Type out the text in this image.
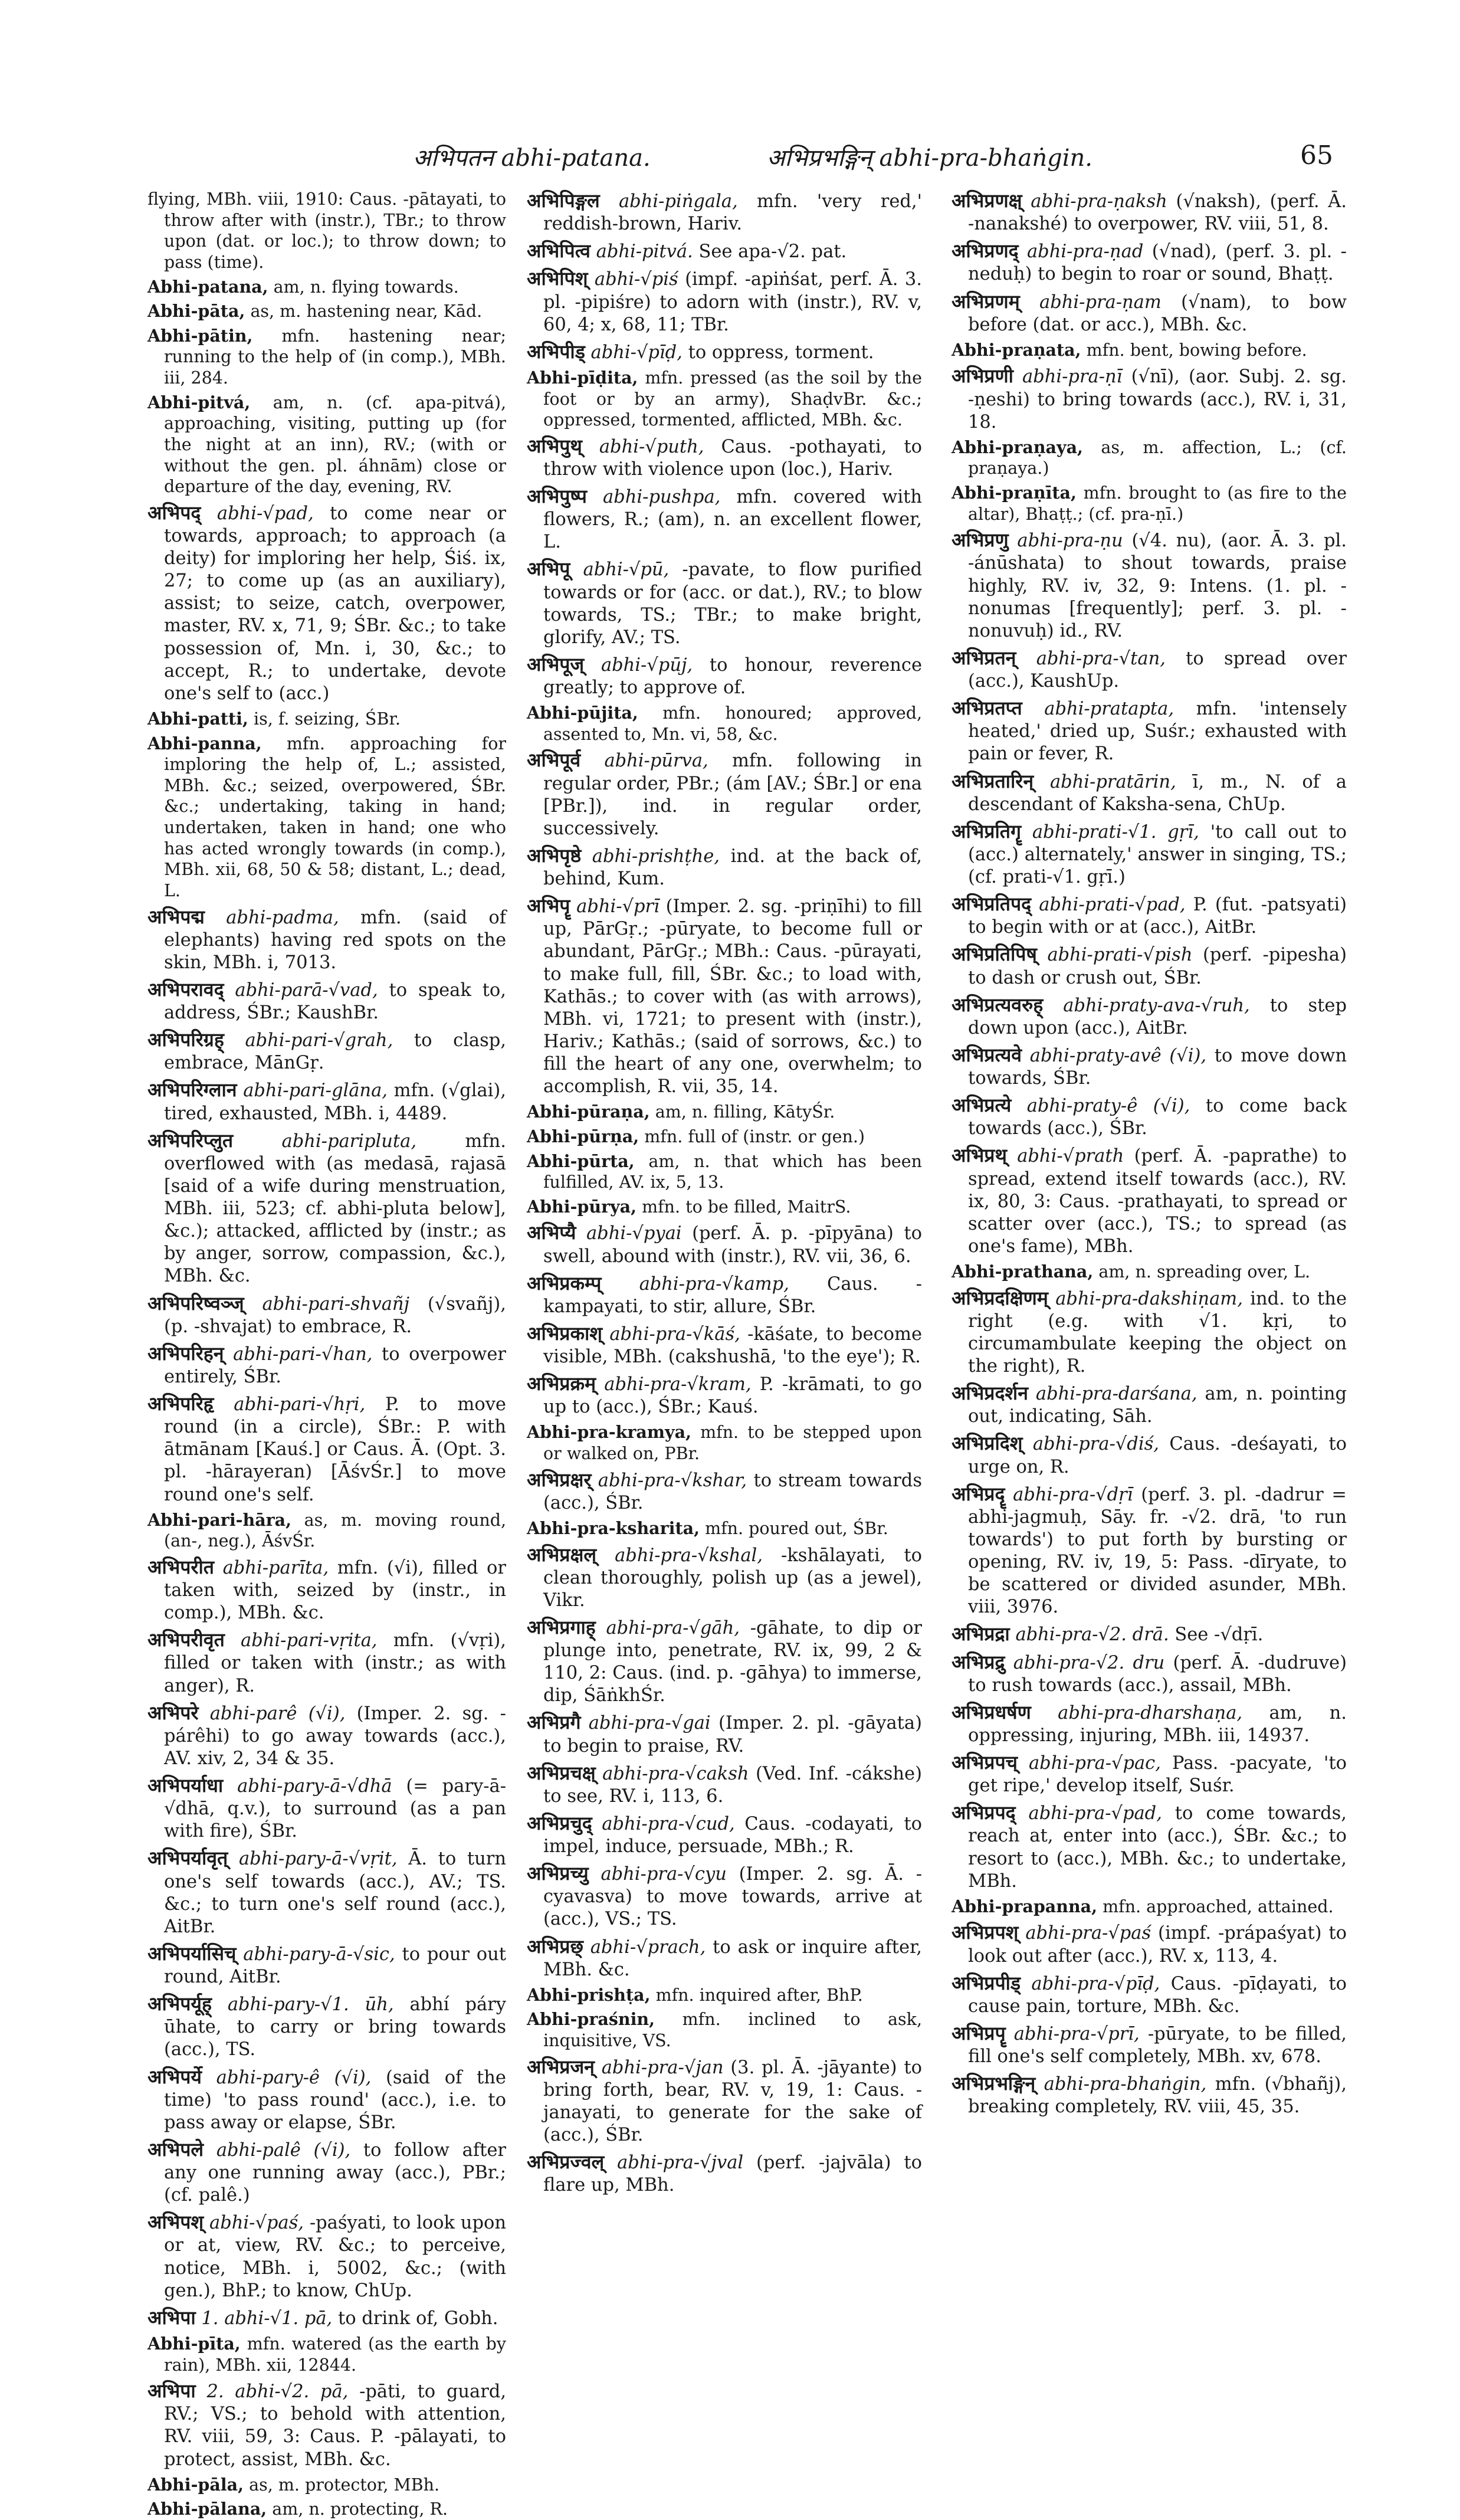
अभिपतन abhi-patana.	अभिप्रभङ्गिन् abhi-pra-bhaṅgin.	65

flying, MBh. viii, 1910: Caus. -pātayati, to throw after with (instr.), TBr.; to throw upon (dat. or loc.); to throw down; to pass (time).

Abhi-patana, am, n. flying towards.

Abhi-pāta, as, m. hastening near, Kād.

Abhi-pātin, mfn. hastening near; running to the help of (in comp.), MBh. iii, 284.

Abhi-pitvá, am, n. (cf. apa-pitvá), approaching, visiting, putting up (for the night at an inn), RV.; (with or without the gen. pl. áhnām) close or departure of the day, evening, RV.

अभिपद् abhi-√pad, to come near or towards, approach; to approach (a deity) for imploring her help, Śiś. ix, 27; to come up (as an auxiliary), assist; to seize, catch, overpower, master, RV. x, 71, 9; ŚBr. &c.; to take possession of, Mn. i, 30, &c.; to accept, R.; to undertake, devote one's self to (acc.)

Abhi-patti, is, f. seizing, ŚBr.

Abhi-panna, mfn. approaching for imploring the help of, L.; assisted, MBh. &c.; seized, overpowered, ŚBr. &c.; undertaking, taking in hand; undertaken, taken in hand; one who has acted wrongly towards (in comp.), MBh. xii, 68, 50 & 58; distant, L.; dead, L.

अभिपद्म abhi-padma, mfn. (said of elephants) having red spots on the skin, MBh. i, 7013.

अभिपरावद् abhi-parā-√vad, to speak to, address, ŚBr.; KaushBr.

अभिपरिग्रह् abhi-pari-√grah, to clasp, embrace, MānGṛ.

अभिपरिग्लान abhi-pari-glāna, mfn. (√glai), tired, exhausted, MBh. i, 4489.

अभिपरिप्लुत	abhi-paripluta,	mfn. overflowed with (as medasā, rajasā [said of a wife during menstruation, MBh. iii, 523; cf. abhi-pluta below], &c.); attacked, afflicted by (instr.; as by anger, sorrow, compassion, &c.), MBh. &c.

अभिपरिष्वञ्ज् abhi-pari-shvañj (√svañj), (p. -shvajat) to embrace, R.

अभिपरिहन् abhi-pari-√han, to overpower entirely, ŚBr.

अभिपरिहृ abhi-pari-√hṛi, P. to move round (in a circle), ŚBr.: P. with ātmānam [Kauś.] or Caus. Ā. (Opt. 3. pl. -hārayeran) [ĀśvŚr.] to move round one's self.

Abhi-pari-hāra, as, m. moving round, (an-, neg.), ĀśvŚr.

अभिपरीत abhi-parīta, mfn. (√i), filled or taken with, seized by (instr., in comp.), MBh. &c.

अभिपरीवृत abhi-pari-vṛita, mfn. (√vṛi), filled or taken with (instr.; as with anger), R.

अभिपरे abhi-parê (√i), (Imper. 2. sg. -párêhi) to go away towards (acc.), AV. xiv, 2, 34 & 35.

अभिपर्याधा abhi-pary-ā-√dhā (= pary-ā-√dhā, q.v.), to surround (as a pan with fire), ŚBr.

अभिपर्यावृत् abhi-pary-ā-√vṛit, Ā. to turn one's self towards (acc.), AV.; TS. &c.; to turn one's self round (acc.), AitBr.

अभिपर्यासिच् abhi-pary-ā-√sic, to pour out round, AitBr.

अभिपर्यूह् abhi-pary-√1. ūh, abhí páry ūhate, to carry or bring towards (acc.), TS.

अभिपर्ये abhi-pary-ê (√i), (said of the time) 'to pass round' (acc.), i.e. to pass away or elapse, ŚBr.

अभिपले abhi-palê (√i), to follow after any one running away (acc.), PBr.; (cf. palê.)

अभिपश् abhi-√paś, -paśyati, to look upon or at, view, RV. &c.; to perceive, notice, MBh. i, 5002, &c.; (with gen.), BhP.; to know, ChUp.

अभिपा 1. abhi-√1. pā, to drink of, Gobh.

Abhi-pīta, mfn. watered (as the earth by rain), MBh. xii, 12844.

अभिपा 2. abhi-√2. pā, -pāti, to guard, RV.; VS.; to behold with attention, RV. viii, 59, 3: Caus. P. -pālayati, to protect, assist, MBh. &c.

Abhi-pāla, as, m. protector, MBh.

Abhi-pālana, am, n. protecting, R.

अभिपिङ्गल abhi-piṅgala, mfn. 'very red,' reddish-brown, Hariv.

अभिपित्व abhi-pitvá. See apa-√2. pat.

अभिपिश् abhi-√piś (impf. -apiṅśat, perf. Ā. 3. pl. -pipiśre) to adorn with (instr.), RV. v, 60, 4; x, 68, 11; TBr.

अभिपीड् abhi-√pīḍ, to oppress, torment.

Abhi-pīḍita, mfn. pressed (as the soil by the foot or by an army), ShaḍvBr. &c.; oppressed, tormented, afflicted, MBh. &c.

अभिपुथ् abhi-√puth, Caus. -pothayati, to throw with violence upon (loc.), Hariv.

अभिपुष्प abhi-pushpa, mfn. covered with flowers, R.; (am), n. an excellent flower, L.

अभिपू abhi-√pū, -pavate, to flow purified towards or for (acc. or dat.), RV.; to blow towards, TS.; TBr.; to make bright, glorify, AV.; TS.

अभिपूज् abhi-√pūj, to honour, reverence greatly; to approve of.

Abhi-pūjita, mfn. honoured; approved, assented to, Mn. vi, 58, &c.

अभिपूर्व abhi-pūrva, mfn. following in regular order, PBr.; (ám [AV.; ŚBr.] or ena [PBr.]), ind. in regular order, successively.

अभिपृष्ठे abhi-prishṭhe, ind. at the back of, behind, Kum.

अभिपॄ abhi-√prī (Imper. 2. sg. -priṇīhi) to fill up, PārGṛ.; -pūryate, to become full or abundant, PārGṛ.; MBh.: Caus. -pūrayati, to make full, fill, ŚBr. &c.; to load with, Kathās.; to cover with (as with arrows), MBh. vi, 1721; to present with (instr.), Hariv.; Kathās.; (said of sorrows, &c.) to fill the heart of any one, overwhelm; to accomplish, R. vii, 35, 14.

Abhi-pūraṇa, am, n. filling, KātyŚr.

Abhi-pūrṇa, mfn. full of (instr. or gen.)

Abhi-pūrta, am, n. that which has been fulfilled, AV. ix, 5, 13.

Abhi-pūrya, mfn. to be filled, MaitrS.

अभिप्यै abhi-√pyai (perf. Ā. p. -pīpyāna) to swell, abound with (instr.), RV. vii, 36, 6.

अभिप्रकम्प् abhi-pra-√kamp, Caus. -kampayati, to stir, allure, ŚBr.

अभिप्रकाश् abhi-pra-√kāś, -kāśate, to become visible, MBh. (cakshushā, 'to the eye'); R.

अभिप्रक्रम् abhi-pra-√kram, P. -krāmati, to go up to (acc.), ŚBr.; Kauś.

Abhi-pra-kramya, mfn. to be stepped upon or walked on, PBr.

अभिप्रक्षर् abhi-pra-√kshar, to stream towards (acc.), ŚBr.

Abhi-pra-ksharita, mfn. poured out, ŚBr.

अभिप्रक्षल् abhi-pra-√kshal, -kshālayati, to clean thoroughly, polish up (as a jewel), Vikr.

अभिप्रगाह् abhi-pra-√gāh, -gāhate, to dip or plunge into, penetrate, RV. ix, 99, 2 & 110, 2: Caus. (ind. p. -gāhya) to immerse, dip, ŚāṅkhŚr.

अभिप्रगै abhi-pra-√gai (Imper. 2. pl. -gāyata) to begin to praise, RV.

अभिप्रचक्ष् abhi-pra-√caksh (Ved. Inf. -cákshe) to see, RV. i, 113, 6.

अभिप्रचुद् abhi-pra-√cud, Caus. -codayati, to impel, induce, persuade, MBh.; R.

अभिप्रच्यु abhi-pra-√cyu (Imper. 2. sg. Ā. -cyavasva) to move towards, arrive at (acc.), VS.; TS.

अभिप्रछ् abhi-√prach, to ask or inquire after, MBh. &c.

Abhi-prishṭa, mfn. inquired after, BhP.

Abhi-praśnin, mfn. inclined to ask, inquisitive, VS.

अभिप्रजन् abhi-pra-√jan (3. pl. Ā. -jāyante) to bring forth, bear, RV. v, 19, 1: Caus. -janayati, to generate for the sake of (acc.), ŚBr.

अभिप्रज्वल् abhi-pra-√jval (perf. -jajvāla) to flare up, MBh.

अभिप्रणक्ष् abhi-pra-ṇaksh (√naksh), (perf. Ā. -nanakshé) to overpower, RV. viii, 51, 8.

अभिप्रणद् abhi-pra-ṇad (√nad), (perf. 3. pl. -neduḥ) to begin to roar or sound, Bhaṭṭ.

अभिप्रणम् abhi-pra-ṇam (√nam), to bow before (dat. or acc.), MBh. &c.

Abhi-praṇata, mfn. bent, bowing before.

अभिप्रणी abhi-pra-ṇī (√nī), (aor. Subj. 2. sg. -ṇeshi) to bring towards (acc.), RV. i, 31, 18.

Abhi-praṇaya, as, m. affection, L.; (cf. praṇaya.)

Abhi-praṇīta, mfn. brought to (as fire to the altar), Bhaṭṭ.; (cf. pra-ṇī.)

अभिप्रणु abhi-pra-ṇu (√4. nu), (aor. Ā. 3. pl. -ánūshata) to shout towards, praise highly, RV. iv, 32, 9: Intens. (1. pl. -nonumas [frequently]; perf. 3. pl. -nonuvuḥ) id., RV.

अभिप्रतन् abhi-pra-√tan, to spread over (acc.), KaushUp.

अभिप्रतप्त abhi-pratapta, mfn. 'intensely heated,' dried up, Suśr.; exhausted with pain or fever, R.

अभिप्रतारिन् abhi-pratārin, ī, m., N. of a descendant of Kaksha-sena, ChUp.

अभिप्रतिगॄ abhi-prati-√1. gṛī, 'to call out to (acc.) alternately,' answer in singing, TS.; (cf. prati-√1. gṛī.)

अभिप्रतिपद् abhi-prati-√pad, P. (fut. -patsyati) to begin with or at (acc.), AitBr.

अभिप्रतिपिष् abhi-prati-√pish (perf. -pipesha) to dash or crush out, ŚBr.

अभिप्रत्यवरुह् abhi-praty-ava-√ruh, to step down upon (acc.), AitBr.

अभिप्रत्यवे abhi-praty-avê (√i), to move down towards, ŚBr.

अभिप्रत्ये abhi-praty-ê (√i), to come back towards (acc.), ŚBr.

अभिप्रथ् abhi-√prath (perf. Ā. -paprathe) to spread, extend itself towards (acc.), RV. ix, 80, 3: Caus. -prathayati, to spread or scatter over (acc.), TS.; to spread (as one's fame), MBh.

Abhi-prathana, am, n. spreading over, L.

अभिप्रदक्षिणम् abhi-pra-dakshiṇam, ind. to the right (e.g. with √1. kṛi, to circumambulate keeping the object on the right), R.

अभिप्रदर्शन abhi-pra-darśana, am, n. pointing out, indicating, Sāh.

अभिप्रदिश् abhi-pra-√diś, Caus. -deśayati, to urge on, R.

अभिप्रदॄ abhi-pra-√dṛī (perf. 3. pl. -dadrur = abhi-jagmuḥ, Sāy. fr. -√2. drā, 'to run towards') to put forth by bursting or opening, RV. iv, 19, 5: Pass. -dīryate, to be scattered or divided asunder, MBh. viii, 3976.

अभिप्रद्रा abhi-pra-√2. drā. See -√dṛī.

अभिप्रद्रु abhi-pra-√2. dru (perf. Ā. -dudruve) to rush towards (acc.), assail, MBh.

अभिप्रधर्षण abhi-pra-dharshaṇa, am, n. oppressing, injuring, MBh. iii, 14937.

अभिप्रपच् abhi-pra-√pac, Pass. -pacyate, 'to get ripe,' develop itself, Suśr.

अभिप्रपद् abhi-pra-√pad, to come towards, reach at, enter into (acc.), ŚBr. &c.; to resort to (acc.), MBh. &c.; to undertake, MBh.

Abhi-prapanna, mfn. approached, attained.

अभिप्रपश् abhi-pra-√paś (impf. -prápaśyat) to look out after (acc.), RV. x, 113, 4.

अभिप्रपीड् abhi-pra-√pīḍ, Caus. -pīḍayati, to cause pain, torture, MBh. &c.

अभिप्रपॄ abhi-pra-√prī, -pūryate, to be filled, fill one's self completely, MBh. xv, 678.

अभिप्रभङ्गिन् abhi-pra-bhaṅgin, mfn. (√bhañj), breaking completely, RV. viii, 45, 35.
